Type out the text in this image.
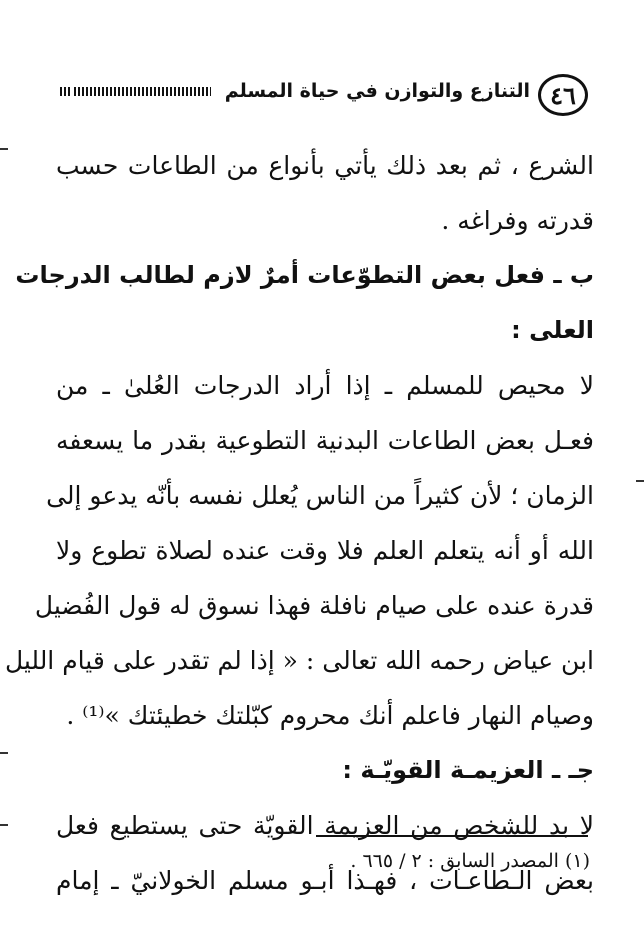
٤٦
التنازع والتوازن في حياة المسلم
الشرع ، ثم بعد ذلك يأتي بأنواع من الطاعات حسب
قدرته وفراغه .
ب ـ فعل بعض التطوّعات أمرٌ لازم لطالب الدرجات
العلى :
لا محيص للمسلم ـ إذا أراد الدرجات العُلىٰ ـ من
فعـل بعض الطاعات البدنية التطوعية بقدر ما يسعفه
الزمان ؛ لأن كثيراً من الناس يُعلل نفسه بأنّه يدعو إلى
الله أو أنه يتعلم العلم فلا وقت عنده لصلاة تطوع ولا
قدرة عنده على صيام نافلة فهذا نسوق له قول الفُضيل
ابن عياض رحمه الله تعالى : « إذا لم تقدر على قيام الليل
وصيام النهار فاعلم أنك محروم كبّلتك خطيئتك »⁽¹⁾ .
جـ ـ العزيمـة القويّـة :
لا بد للشخص من العزيمة القويّة حتى يستطيع فعل
بعض الـطاعـات ، فهـذا أبـو مسلم الخولانيّ ـ إمام
(١) المصدر السابق : ٢ / ٦٦٥ .
